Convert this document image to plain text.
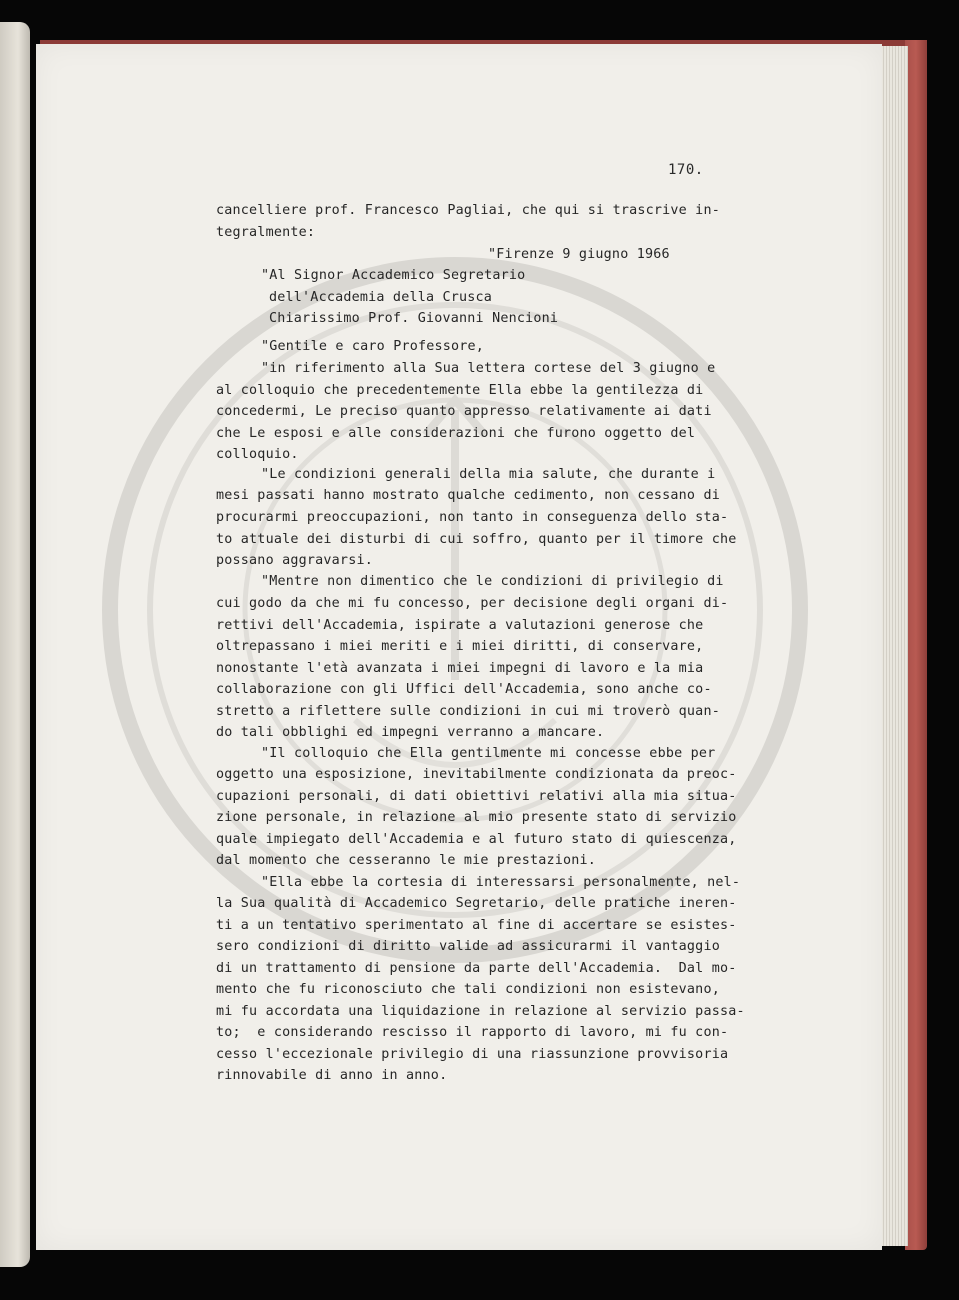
170.
cancelliere prof. Francesco Pagliai, che qui si trascrive in-
tegralmente:
"Firenze 9 giugno 1966
"Al Signor Accademico Segretario
dell'Accademia della Crusca
Chiarissimo Prof. Giovanni Nencioni
"Gentile e caro Professore,
"in riferimento alla Sua lettera cortese del 3 giugno e
al colloquio che precedentemente Ella ebbe la gentilezza di
concedermi, Le preciso quanto appresso relativamente ai dati
che Le esposi e alle considerazioni che furono oggetto del
colloquio.
"Le condizioni generali della mia salute, che durante i
mesi passati hanno mostrato qualche cedimento, non cessano di
procurarmi preoccupazioni, non tanto in conseguenza dello sta-
to attuale dei disturbi di cui soffro, quanto per il timore che
possano aggravarsi.
"Mentre non dimentico che le condizioni di privilegio di
cui godo da che mi fu concesso, per decisione degli organi di-
rettivi dell'Accademia, ispirate a valutazioni generose che
oltrepassano i miei meriti e i miei diritti, di conservare,
nonostante l'età avanzata i miei impegni di lavoro e la mia
collaborazione con gli Uffici dell'Accademia, sono anche co-
stretto a riflettere sulle condizioni in cui mi troverò quan-
do tali obblighi ed impegni verranno a mancare.
"Il colloquio che Ella gentilmente mi concesse ebbe per
oggetto una esposizione, inevitabilmente condizionata da preoc-
cupazioni personali, di dati obiettivi relativi alla mia situa-
zione personale, in relazione al mio presente stato di servizio
quale impiegato dell'Accademia e al futuro stato di quiescenza,
dal momento che cesseranno le mie prestazioni.
"Ella ebbe la cortesia di interessarsi personalmente, nel-
la Sua qualità di Accademico Segretario, delle pratiche ineren-
ti a un tentativo sperimentato al fine di accertare se esistes-
sero condizioni di diritto valide ad assicurarmi il vantaggio
di un trattamento di pensione da parte dell'Accademia.  Dal mo-
mento che fu riconosciuto che tali condizioni non esistevano,
mi fu accordata una liquidazione in relazione al servizio passa-
to;  e considerando rescisso il rapporto di lavoro, mi fu con-
cesso l'eccezionale privilegio di una riassunzione provvisoria
rinnovabile di anno in anno.
